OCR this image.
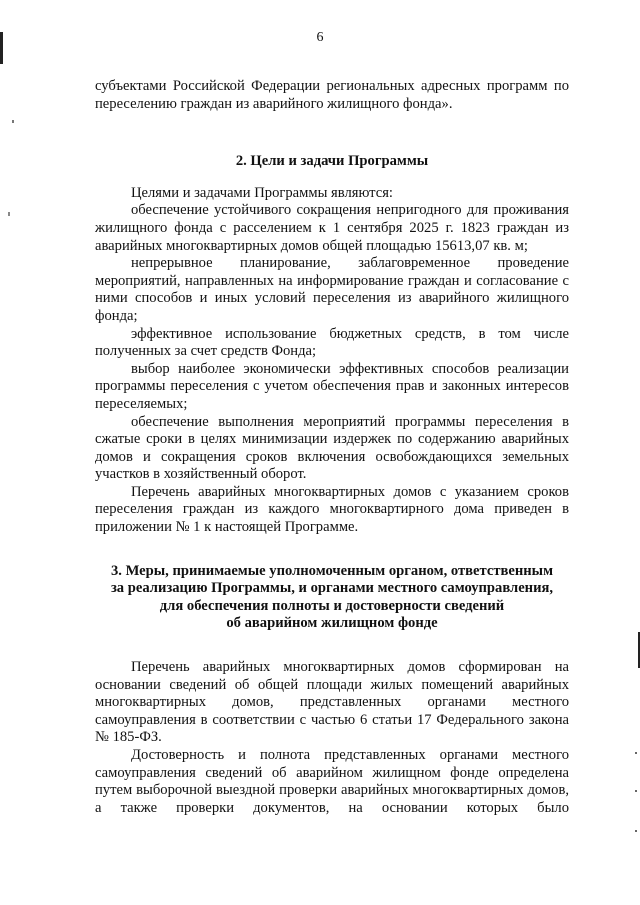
6

субъектами Российской Федерации региональных адресных программ по переселению граждан из аварийного жилищного фонда».

2. Цели и задачи Программы

Целями и задачами Программы являются:

обеспечение устойчивого сокращения непригодного для проживания жилищного фонда с расселением к 1 сентября 2025 г. 1823 граждан из аварийных многоквартирных домов общей площадью 15613,07 кв. м;

непрерывное планирование, заблаговременное проведение мероприятий, направленных на информирование граждан и согласование с ними способов и иных условий переселения из аварийного жилищного фонда;

эффективное использование бюджетных средств, в том числе полученных за счет средств Фонда;

выбор наиболее экономически эффективных способов реализации программы переселения с учетом обеспечения прав и законных интересов переселяемых;

обеспечение выполнения мероприятий программы переселения в сжатые сроки в целях минимизации издержек по содержанию аварийных домов и сокращения сроков включения освобождающихся земельных участков в хозяйственный оборот.

Перечень аварийных многоквартирных домов с указанием сроков переселения граждан из каждого многоквартирного дома приведен в приложении № 1 к настоящей Программе.

3. Меры, принимаемые уполномоченным органом, ответственным
за реализацию Программы, и органами местного самоуправления,
для обеспечения полноты и достоверности сведений
об аварийном жилищном фонде

Перечень аварийных многоквартирных домов сформирован на основании сведений об общей площади жилых помещений аварийных многоквартирных домов, представленных органами местного самоуправления в соответствии с частью 6 статьи 17 Федерального закона № 185-ФЗ.

Достоверность и полнота представленных органами местного самоуправления сведений об аварийном жилищном фонде определена путем выборочной выездной проверки аварийных многоквартирных домов, а также проверки документов, на основании которых было
